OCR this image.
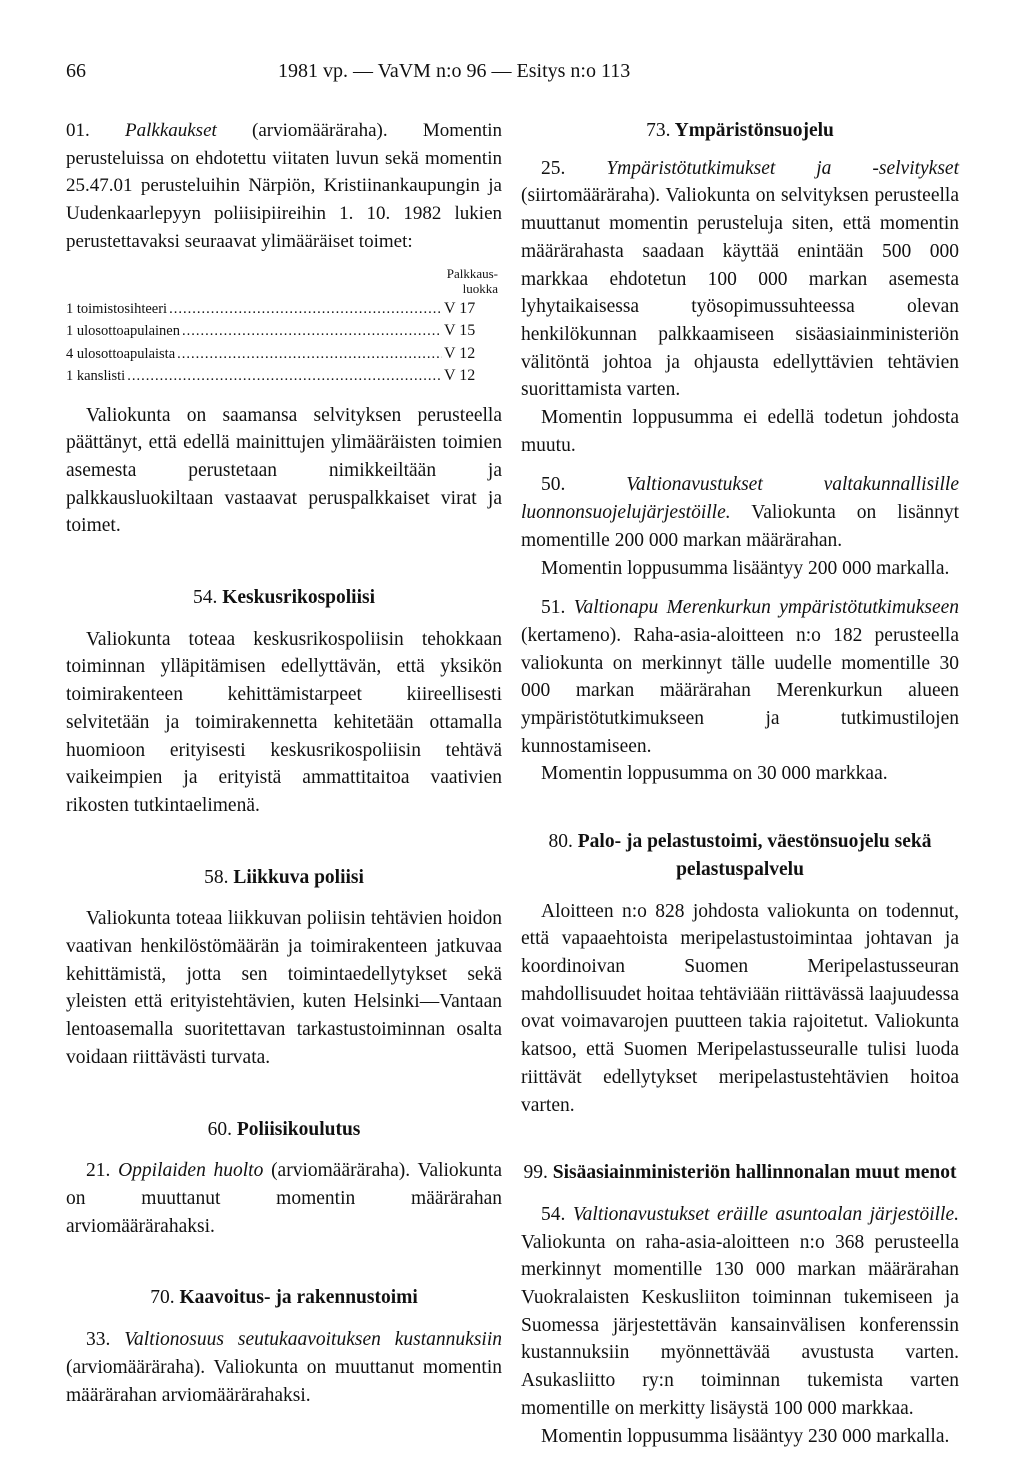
66	1981 vp. — VaVM n:o 96 — Esitys n:o 113

01. Palkkaukset (arviomääräraha). Momentin perusteluissa on ehdotettu viitaten luvun sekä momentin 25.47.01 perusteluihin Närpiön, Kristiinankaupungin ja Uudenkaarlepyyn poliisipiireihin 1. 10. 1982 lukien perustettavaksi seuraavat ylimääräiset toimet:

Palkkaus-
luokka
1 toimistosihteeri .....	V 17
1 ulosottoapulainen .....	V 15
4 ulosottoapulaista .....	V 12
1 kanslisti .....	V 12

Valiokunta on saamansa selvityksen perusteella päättänyt, että edellä mainittujen ylimääräisten toimien asemesta perustetaan nimikkeiltään ja palkkausluokiltaan vastaavat peruspalkkaiset virat ja toimet.

54. Keskusrikospoliisi

Valiokunta toteaa keskusrikospoliisin tehokkaan toiminnan ylläpitämisen edellyttävän, että yksikön toimirakenteen kehittämistarpeet kiireellisesti selvitetään ja toimirakennetta kehitetään ottamalla huomioon erityisesti keskusrikospoliisin tehtävä vaikeimpien ja erityistä ammattitaitoa vaativien rikosten tutkintaelimenä.

58. Liikkuva poliisi

Valiokunta toteaa liikkuvan poliisin tehtävien hoidon vaativan henkilöstömäärän ja toimirakenteen jatkuvaa kehittämistä, jotta sen toimintaedellytykset sekä yleisten että erityistehtävien, kuten Helsinki—Vantaan lentoasemalla suoritettavan tarkastustoiminnan osalta voidaan riittävästi turvata.

60. Poliisikoulutus

21. Oppilaiden huolto (arviomääräraha). Valiokunta on muuttanut momentin määrärahan arviomäärärahaksi.

70. Kaavoitus- ja rakennustoimi

33. Valtionosuus seutukaavoituksen kustannuksiin (arviomääräraha). Valiokunta on muuttanut momentin määrärahan arviomäärärahaksi.

73. Ympäristönsuojelu

25. Ympäristötutkimukset ja -selvitykset (siirtomääräraha). Valiokunta on selvityksen perusteella muuttanut momentin perusteluja siten, että momentin määrärahasta saadaan käyttää enintään 500 000 markkaa ehdotetun 100 000 markan asemesta lyhytaikaisessa työsopimussuhteessa olevan henkilökunnan palkkaamiseen sisäasiainministeriön välitöntä johtoa ja ohjausta edellyttävien tehtävien suorittamista varten.

Momentin loppusumma ei edellä todetun johdosta muutu.

50.	Valtionavustukset valtakunnallisille luonnonsuojelujärjestöille. Valiokunta on lisännyt momentille 200 000 markan määrärahan.

Momentin loppusumma lisääntyy 200 000 markalla.

51. Valtionapu Merenkurkun ympäristötutkimukseen (kertameno). Raha-asia-aloitteen n:o 182 perusteella valiokunta on merkinnyt tälle uudelle momentille 30 000 markan määrärahan Merenkurkun alueen ympäristötutkimukseen ja tutkimustilojen kunnostamiseen.

Momentin loppusumma on 30 000 markkaa.

80. Palo- ja pelastustoimi, väestönsuojelu sekä pelastuspalvelu

Aloitteen n:o 828 johdosta valiokunta on todennut, että vapaaehtoista meripelastustoimintaa johtavan ja koordinoivan Suomen Meripelastusseuran mahdollisuudet hoitaa tehtäviään riittävässä laajuudessa ovat voimavarojen puutteen takia rajoitetut. Valiokunta katsoo, että Suomen Meripelastusseuralle tulisi luoda riittävät edellytykset meripelastustehtävien hoitoa varten.

99. Sisäasiainministeriön hallinnonalan muut menot

54. Valtionavustukset eräille asuntoalan järjestöille. Valiokunta on raha-asia-aloitteen n:o 368 perusteella merkinnyt momentille 130 000 markan määrärahan Vuokralaisten Keskusliiton toiminnan tukemiseen ja Suomessa järjestettävän kansainvälisen konferenssin kustannuksiin myönnettävää avustusta varten. Asukasliitto ry:n toiminnan tukemista varten momentille on merkitty lisäystä 100 000 markkaa.

Momentin loppusumma lisääntyy 230 000 markalla.
